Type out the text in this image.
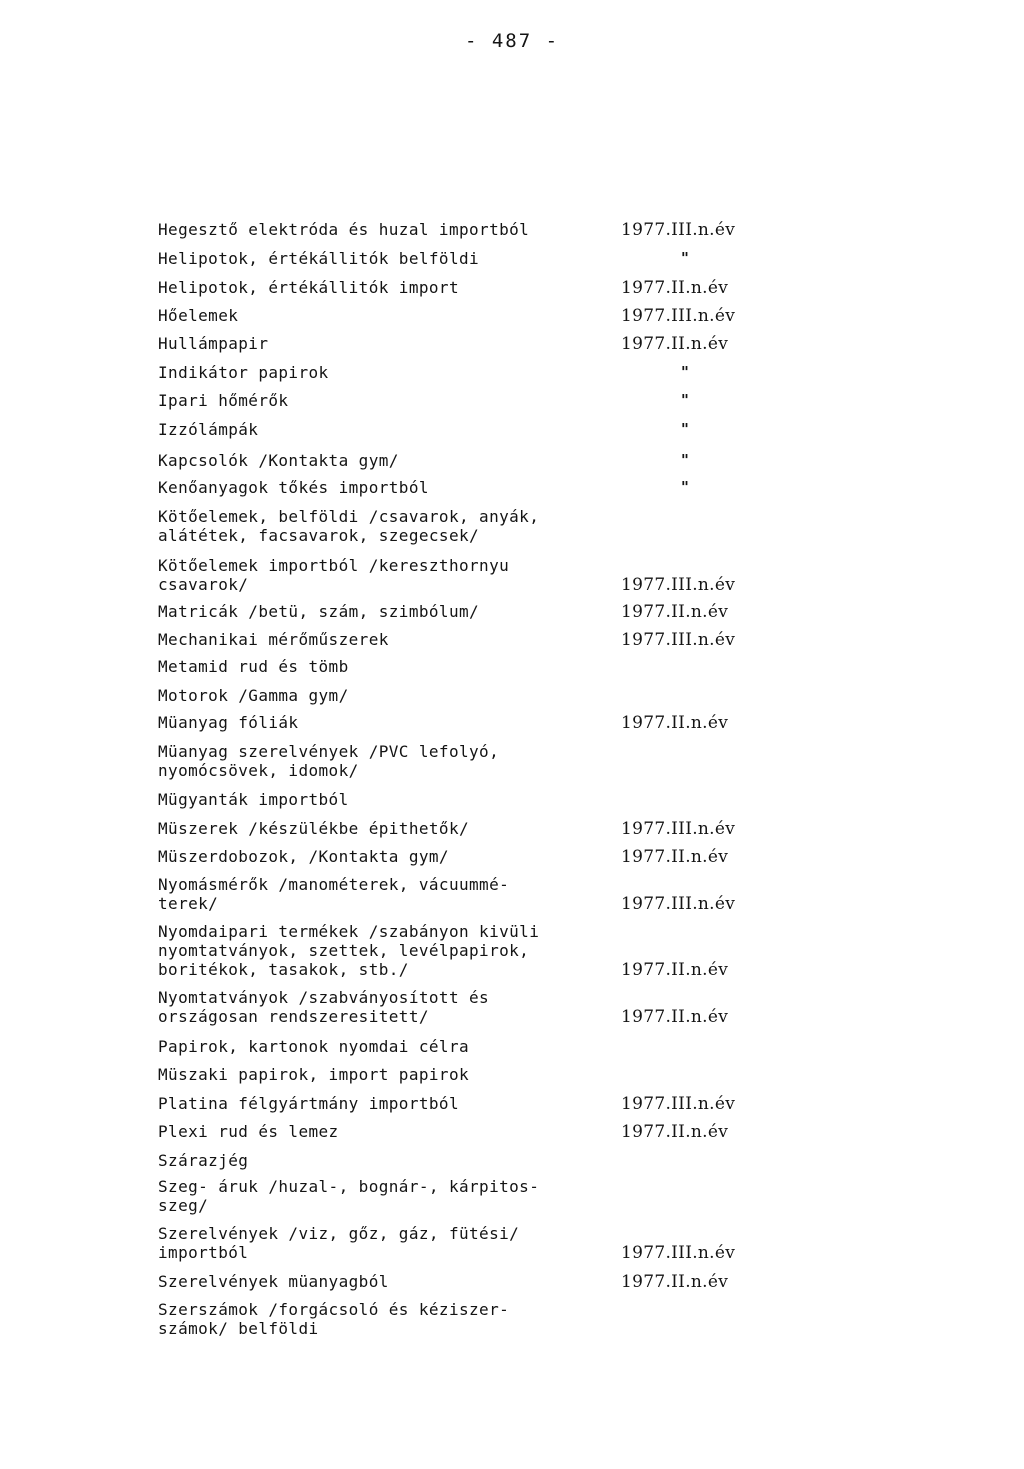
- 487 -
Hegesztő elektróda és huzal importból	1977.III.n.év
Helipotok, értékállitók belföldi	"
Helipotok, értékállitók import	1977.II.n.év
Hőelemek	1977.III.n.év
Hullámpapir	1977.II.n.év
Indikátor papirok	"
Ipari hőmérők	"
Izzólámpák	"
Kapcsolók /Kontakta gym/	"
Kenőanyagok tőkés importból	"
Kötőelemek, belföldi /csavarok, anyák,
alátétek, facsavarok, szegecsek/
Kötőelemek importból /kereszthornyu
csavarok/	1977.III.n.év
Matricák /betü, szám, szimbólum/	1977.II.n.év
Mechanikai mérőműszerek	1977.III.n.év
Metamid rud és tömb
Motorok /Gamma gym/
Müanyag fóliák	1977.II.n.év
Müanyag szerelvények /PVC lefolyó,
nyomócsövek, idomok/
Mügyanták importból
Müszerek /készülékbe épithetők/	1977.III.n.év
Müszerdobozok, /Kontakta gym/	1977.II.n.év
Nyomásmérők /manométerek, vácuummé-
terek/	1977.III.n.év
Nyomdaipari termékek /szabányon kivüli
nyomtatványok, szettek, levélpapirok,
boritékok, tasakok, stb./	1977.II.n.év
Nyomtatványok /szabványosított és
országosan rendszeresitett/	1977.II.n.év
Papirok, kartonok nyomdai célra
Müszaki papirok, import papirok
Platina félgyártmány importból	1977.III.n.év
Plexi rud és lemez	1977.II.n.év
Szárazjég
Szeg- áruk /huzal-, bognár-, kárpitos-
szeg/
Szerelvények /viz, gőz, gáz, fütési/
importból	1977.III.n.év
Szerelvények müanyagból	1977.II.n.év
Szerszámok /forgácsoló és kéziszer-
számok/ belföldi
